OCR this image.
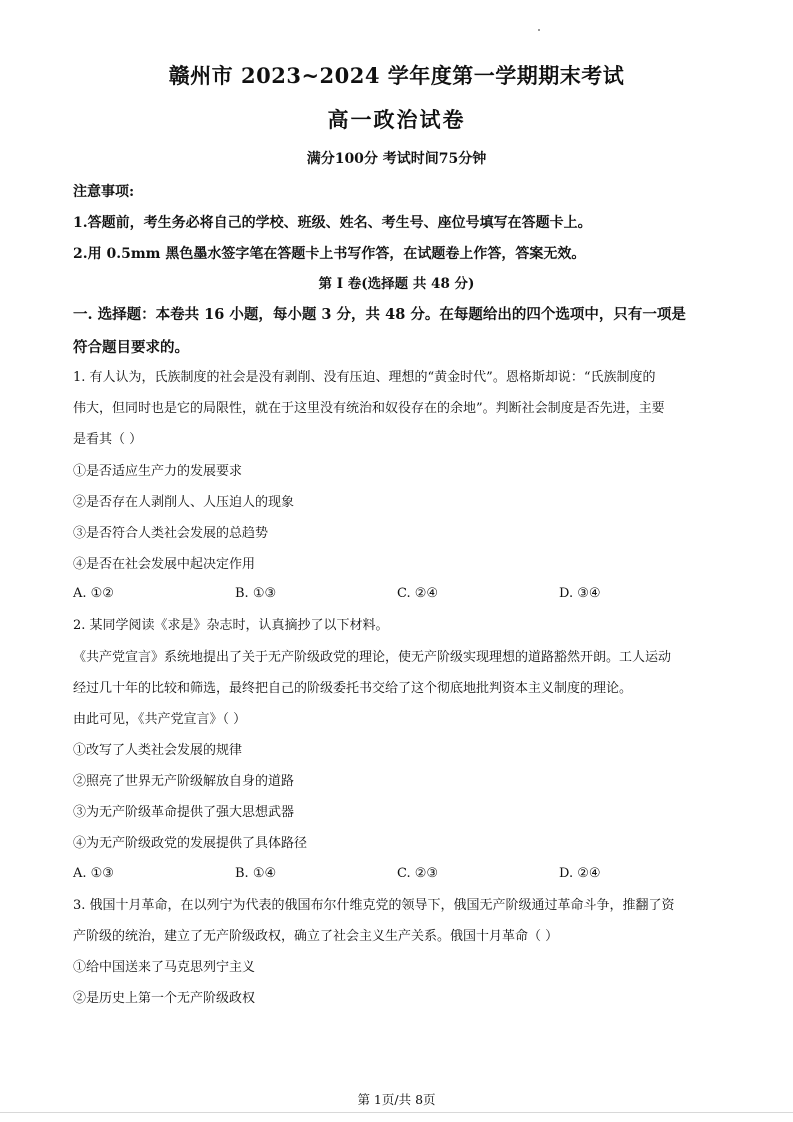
赣州市 2023~2024 学年度第一学期期末考试
高一政治试卷
满分100分 考试时间75分钟
注意事项:
1.答题前，考生务必将自己的学校、班级、姓名、考生号、座位号填写在答题卡上。
2.用 0.5mm 黑色墨水签字笔在答题卡上书写作答，在试题卷上作答，答案无效。
第 I 卷(选择题 共 48 分)
一. 选择题：本卷共 16 小题，每小题 3 分，共 48 分。在每题给出的四个选项中，只有一项是
符合题目要求的。
1. 有人认为，氏族制度的社会是没有剥削、没有压迫、理想的“黄金时代”。恩格斯却说：“氏族制度的
伟大，但同时也是它的局限性，就在于这里没有统治和奴役存在的余地”。判断社会制度是否先进，主要
是看其（ ）
①是否适应生产力的发展要求
②是否存在人剥削人、人压迫人的现象
③是否符合人类社会发展的总趋势
④是否在社会发展中起决定作用
A. ①②	B. ①③	C. ②④	D. ③④
2. 某同学阅读《求是》杂志时，认真摘抄了以下材料。
《共产党宣言》系统地提出了关于无产阶级政党的理论，使无产阶级实现理想的道路豁然开朗。工人运动
经过几十年的比较和筛选，最终把自己的阶级委托书交给了这个彻底地批判资本主义制度的理论。
由此可见，《共产党宣言》（ ）
①改写了人类社会发展的规律
②照亮了世界无产阶级解放自身的道路
③为无产阶级革命提供了强大思想武器
④为无产阶级政党的发展提供了具体路径
A. ①③	B. ①④	C. ②③	D. ②④
3. 俄国十月革命，在以列宁为代表的俄国布尔什维克党的领导下，俄国无产阶级通过革命斗争，推翻了资
产阶级的统治，建立了无产阶级政权，确立了社会主义生产关系。俄国十月革命（ ）
①给中国送来了马克思列宁主义
②是历史上第一个无产阶级政权
第 1页/共 8页
